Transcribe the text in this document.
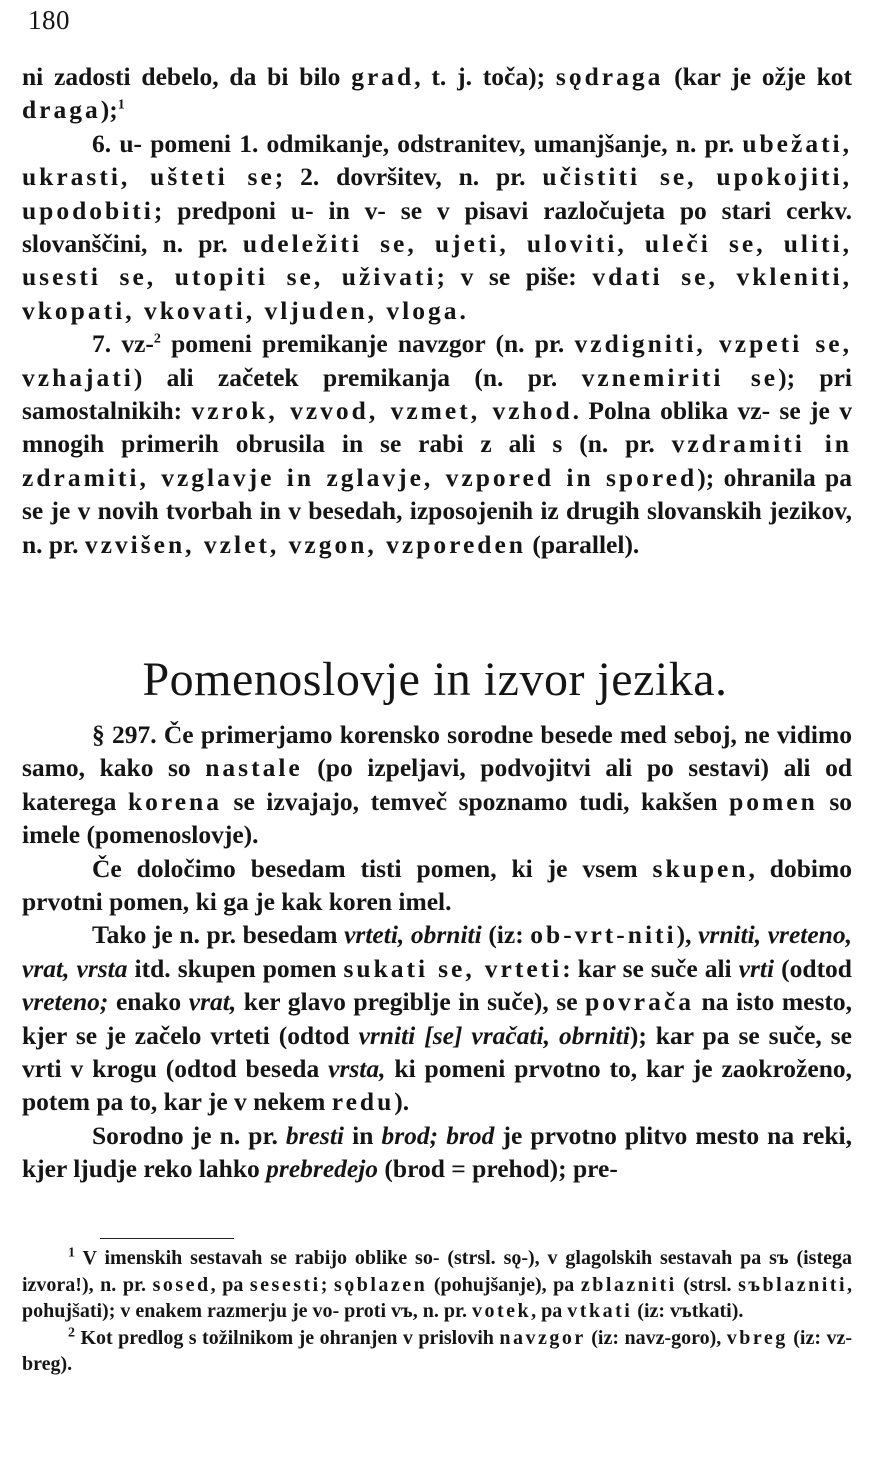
180

ni zadosti debelo, da bi bilo grad, t. j. toča); sǫdraga (kar je ožje kot draga);$^1$

6. u- pomeni 1. odmikanje, odstranitev, umanjšanje, n. pr. ubežati, ukrasti, ušteti se; 2. dovršitev, n. pr. učistiti se, upokojiti, upodobiti; predponi u- in v- se v pisavi razločujeta po stari cerkv. slovanščini, n. pr. udeležiti se, ujeti, uloviti, ulеči se, uliti, usesti se, utopiti se, uživati; v se piše: vdati se, vkleniti, vkopati, vkovati, vljuden, vloga.

7. vz-$^2$ pomeni premikanje navzgor (n. pr. vzdigniti, vzpeti se, vzhajati) ali začetek premikanja (n. pr. vznemiriti se); pri samostalnikih: vzrok, vzvod, vzmet, vzhod. Polna oblika vz- se je v mnogih primerih obrusila in se rabi z ali s (n. pr. vzdramiti in zdramiti, vzglavje in zglavje, vzpored in spored); ohranila pa se je v novih tvorbah in v besedah, izposojenih iz drugih slovanskih jezikov, n. pr. vzvišen, vzlet, vzgon, vzporeden (parallel).

Pomenoslovje in izvor jezika.

§ 297. Če primerjamo korensko sorodne besede med seboj, ne vidimo samo, kako so nastale (po izpeljavi, podvojitvi ali po sestavi) ali od katerega korena se izvajajo, temveč spoznamo tudi, kakšen pomen so imele (pomenoslovje).

Če določimo besedam tisti pomen, ki je vsem skupen, dobimo prvotni pomen, ki ga je kak koren imel.

Tako je n. pr. besedam vrteti, obrniti (iz: ob-vrt-niti), vrniti, vreteno, vrat, vrsta itd. skupen pomen sukati se, vrteti: kar se suče ali vrti (odtod vreteno; enako vrat, ker glavo pregiblje in suče), se povrača na isto mesto, kjer se je začelo vrteti (odtod vrniti [se] vračati, obrniti); kar pa se suče, se vrti v krogu (odtod beseda vrsta, ki pomeni prvotno to, kar je zaokroženo, potem pa to, kar je v nekem redu).

Sorodno je n. pr. bresti in brod; brod je prvotno plitvo mesto na reki, kjer ljudje reko lahko prebredejo (brod = prehod); pre-

$^1$ V imenskih sestavah se rabijo oblike so- (strsl. sǫ-), v glagolskih sestavah pa sъ (istega izvora!), n. pr. sosed, pa sesesti; sǫblazen (pohujšanje), pa zblazniti (strsl. sъblazniti, pohujšati); v enakem razmerju je vo- proti vъ, n. pr. votek, pa vtkati (iz: vъtkati).

$^2$ Kot predlog s tožilnikom je ohranjen v prislovih navzgor (iz: navz-goro), vbreg (iz: vz-breg).
